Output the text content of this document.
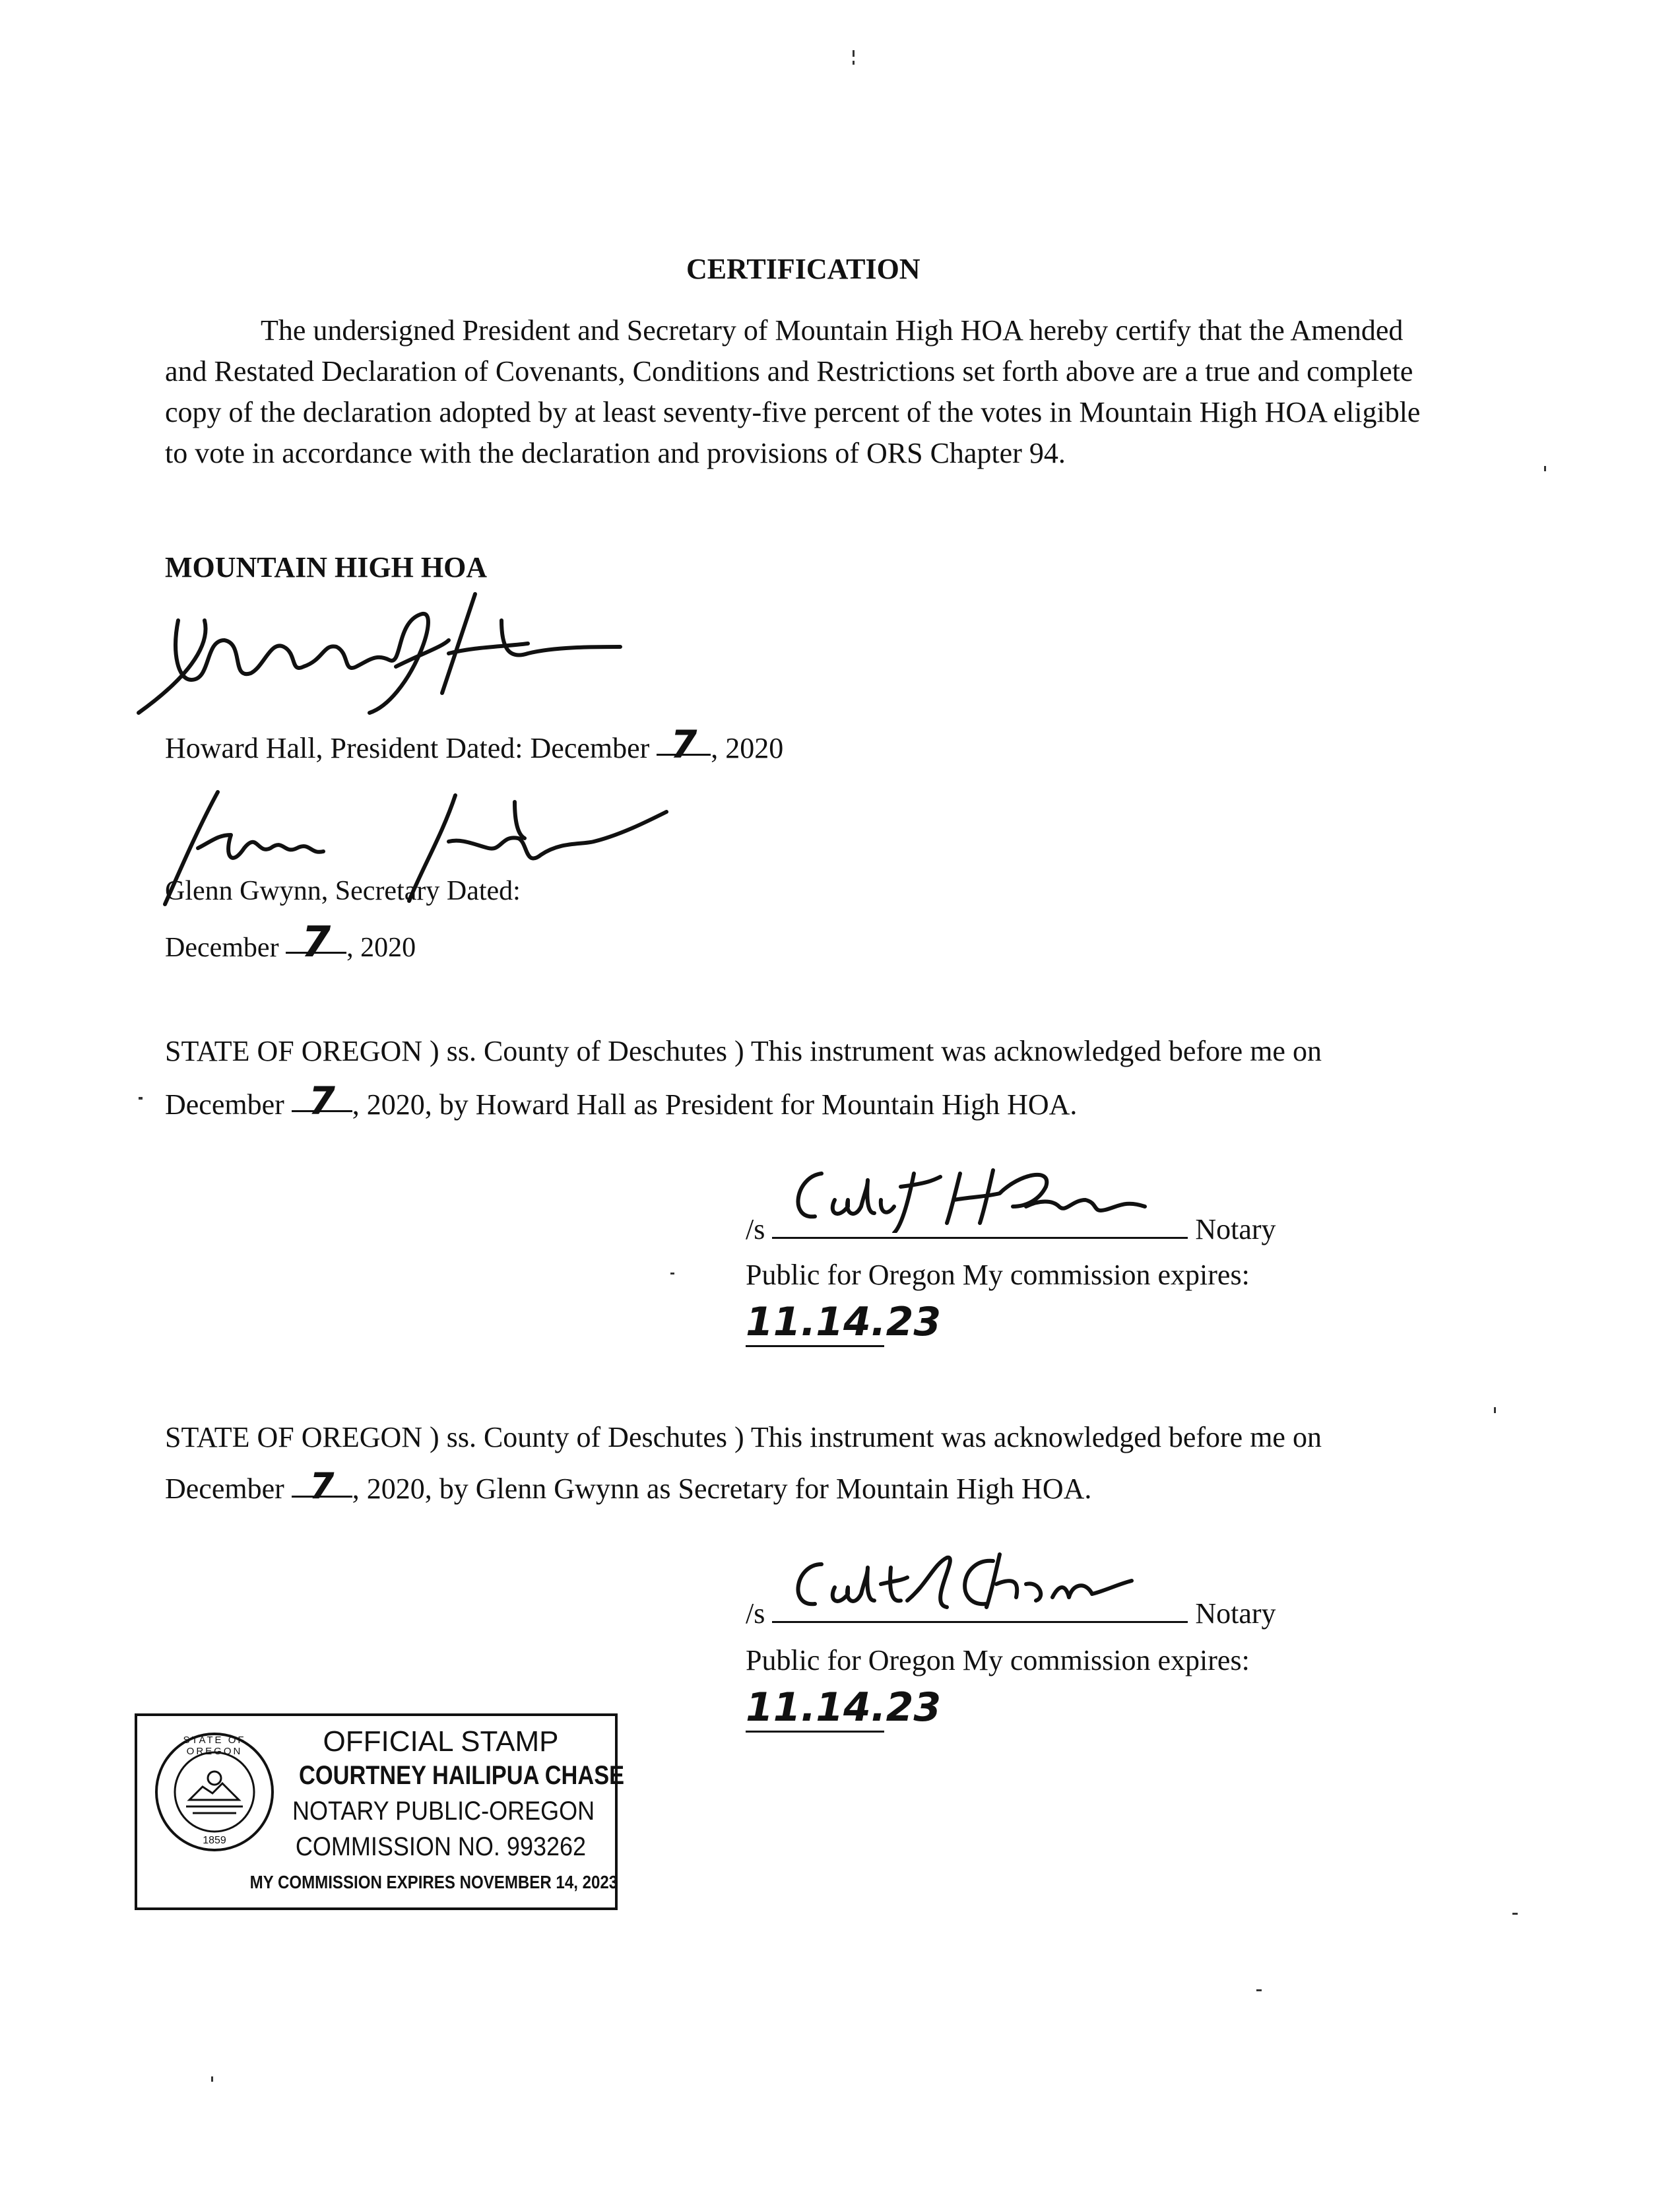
CERTIFICATION
The undersigned President and Secretary of Mountain High HOA hereby certify that the Amended and Restated Declaration of Covenants, Conditions and Restrictions set forth above are a true and complete copy of the declaration adopted by at least seventy-five percent of the votes in Mountain High HOA eligible to vote in accordance with the declaration and provisions of ORS Chapter 94.
MOUNTAIN HIGH HOA
Howard Hall, President Dated: December 7 , 2020
Glenn Gwynn, Secretary Dated:
December 7 , 2020
STATE OF OREGON ) ss. County of Deschutes ) This instrument was acknowledged before me on
December 7 , 2020, by Howard Hall as President for Mountain High HOA.
/s	Notary
Public for Oregon My commission expires:
11.14.23
STATE OF OREGON ) ss. County of Deschutes ) This instrument was acknowledged before me on
December 7 , 2020, by Glenn Gwynn as Secretary for Mountain High HOA.
/s	Notary
Public for Oregon My commission expires:
11.14.23
STATE OF OREGON
1859
OFFICIAL STAMP
COURTNEY HAILIPUA CHASE
NOTARY PUBLIC-OREGON
COMMISSION NO. 993262
MY COMMISSION EXPIRES NOVEMBER 14, 2023
